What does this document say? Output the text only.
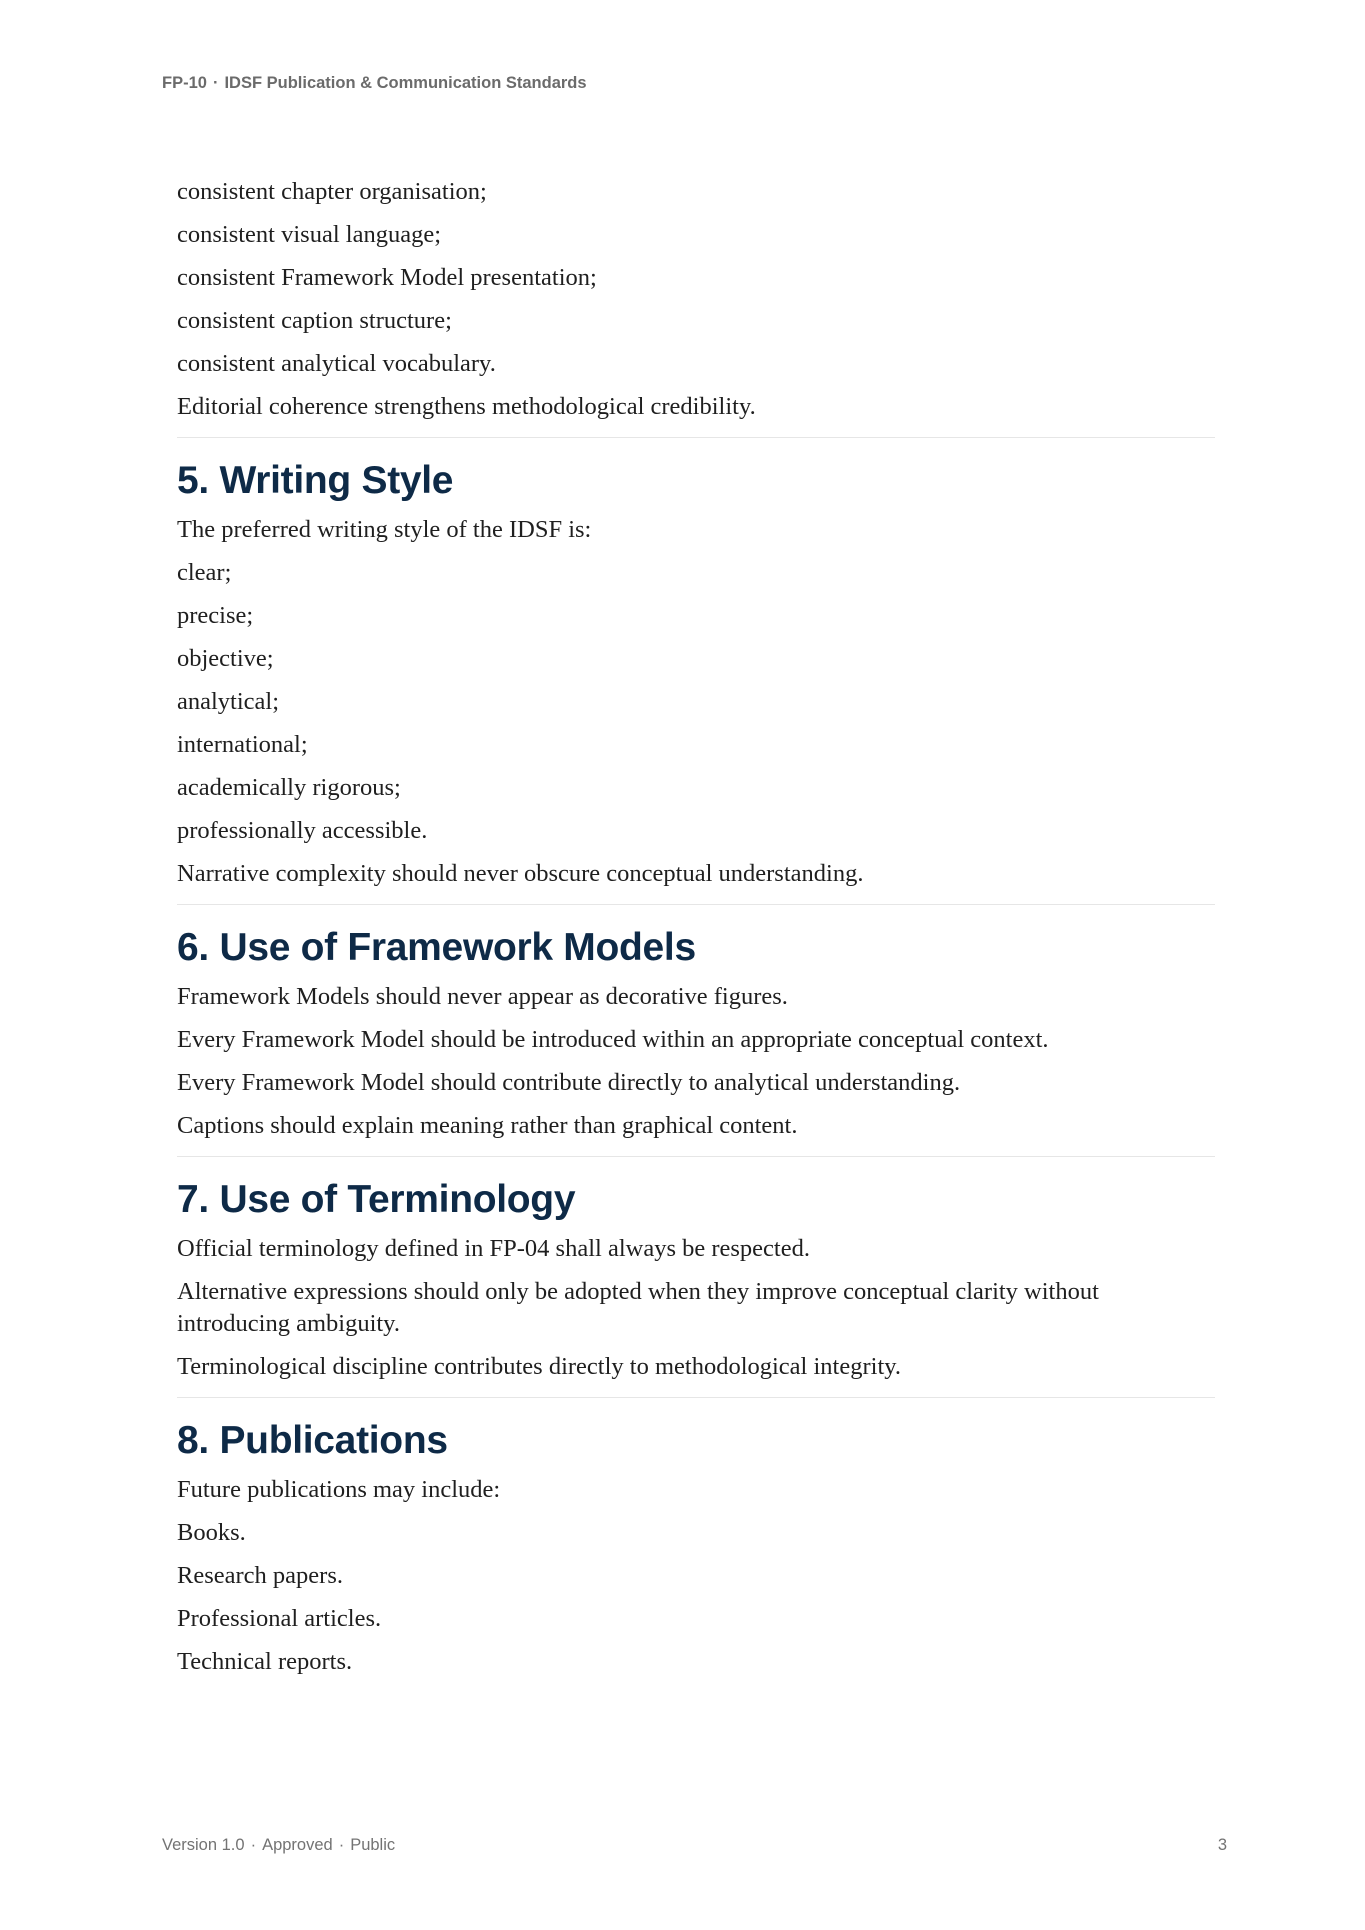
FP-10 · IDSF Publication & Communication Standards

consistent chapter organisation;

consistent visual language;

consistent Framework Model presentation;

consistent caption structure;

consistent analytical vocabulary.

Editorial coherence strengthens methodological credibility.

5. Writing Style

The preferred writing style of the IDSF is:

clear;

precise;

objective;

analytical;

international;

academically rigorous;

professionally accessible.

Narrative complexity should never obscure conceptual understanding.

6. Use of Framework Models

Framework Models should never appear as decorative figures.

Every Framework Model should be introduced within an appropriate conceptual context.

Every Framework Model should contribute directly to analytical understanding.

Captions should explain meaning rather than graphical content.

7. Use of Terminology

Official terminology defined in FP-04 shall always be respected.

Alternative expressions should only be adopted when they improve conceptual clarity without introducing ambiguity.

Terminological discipline contributes directly to methodological integrity.

8. Publications

Future publications may include:

Books.

Research papers.

Professional articles.

Technical reports.

Version 1.0 · Approved · Public	3
